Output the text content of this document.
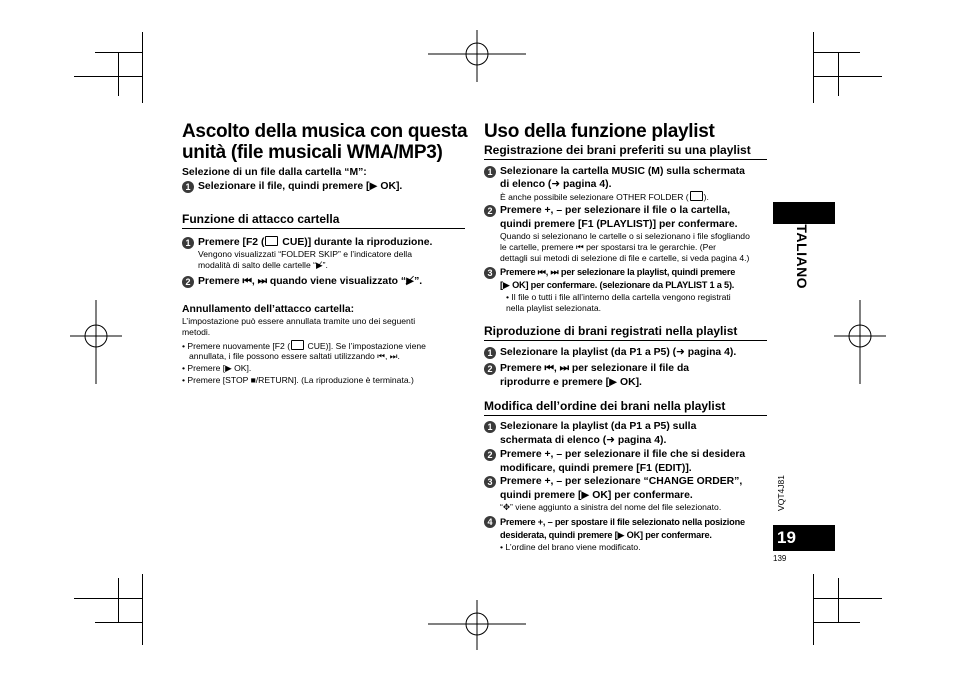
Ascolto della musica con questa
unità (file musicali WMA/MP3)
Selezione di un file dalla cartella “M”:
1 Selezionare il file, quindi premere [▶ OK].
Funzione di attacco cartella
1 Premere [F2 ( CUE)] durante la riproduzione.
Vengono visualizzati “FOLDER SKIP” e l’indicatore della
modalità di salto delle cartelle “▶̸”.
2 Premere ⏮, ⏭ quando viene visualizzato “▶̸”.
Annullamento dell’attacco cartella:
L’impostazione può essere annullata tramite uno dei seguenti
metodi.
• Premere nuovamente [F2 ( CUE)]. Se l’impostazione viene
annullata, i file possono essere saltati utilizzando ⏮, ⏭.
• Premere [▶ OK].
• Premere [STOP ■/RETURN]. (La riproduzione è terminata.)
Uso della funzione playlist
Registrazione dei brani preferiti su una playlist
1 Selezionare la cartella MUSIC (M) sulla schermata
di elenco (➜ pagina 4).
È anche possibile selezionare OTHER FOLDER ( ).
2 Premere +, – per selezionare il file o la cartella,
quindi premere [F1 (PLAYLIST)] per confermare.
Quando si selezionano le cartelle o si selezionano i file sfogliando
le cartelle, premere ⏮ per spostarsi tra le gerarchie. (Per
dettagli sui metodi di selezione di file e cartelle, si veda pagina 4.)
3 Premere ⏮, ⏭ per selezionare la playlist, quindi premere
[▶ OK] per confermare. (selezionare da PLAYLIST 1 a 5).
• Il file o tutti i file all’interno della cartella vengono registrati
nella playlist selezionata.
Riproduzione di brani registrati nella playlist
1 Selezionare la playlist (da P1 a P5) (➜ pagina 4).
2 Premere ⏮, ⏭ per selezionare il file da
riprodurre e premere [▶ OK].
Modifica dell’ordine dei brani nella playlist
1 Selezionare la playlist (da P1 a P5) sulla
schermata di elenco (➜ pagina 4).
2 Premere +, – per selezionare il file che si desidera
modificare, quindi premere [F1 (EDIT)].
3 Premere +, – per selezionare “CHANGE ORDER”,
quindi premere [▶ OK] per confermare.
“✥” viene aggiunto a sinistra del nome del file selezionato.
4 Premere +, – per spostare il file selezionato nella posizione
desiderata, quindi premere [▶ OK] per confermare.
• L’ordine del brano viene modificato.
ITALIANO
VQT4J81
19
139
